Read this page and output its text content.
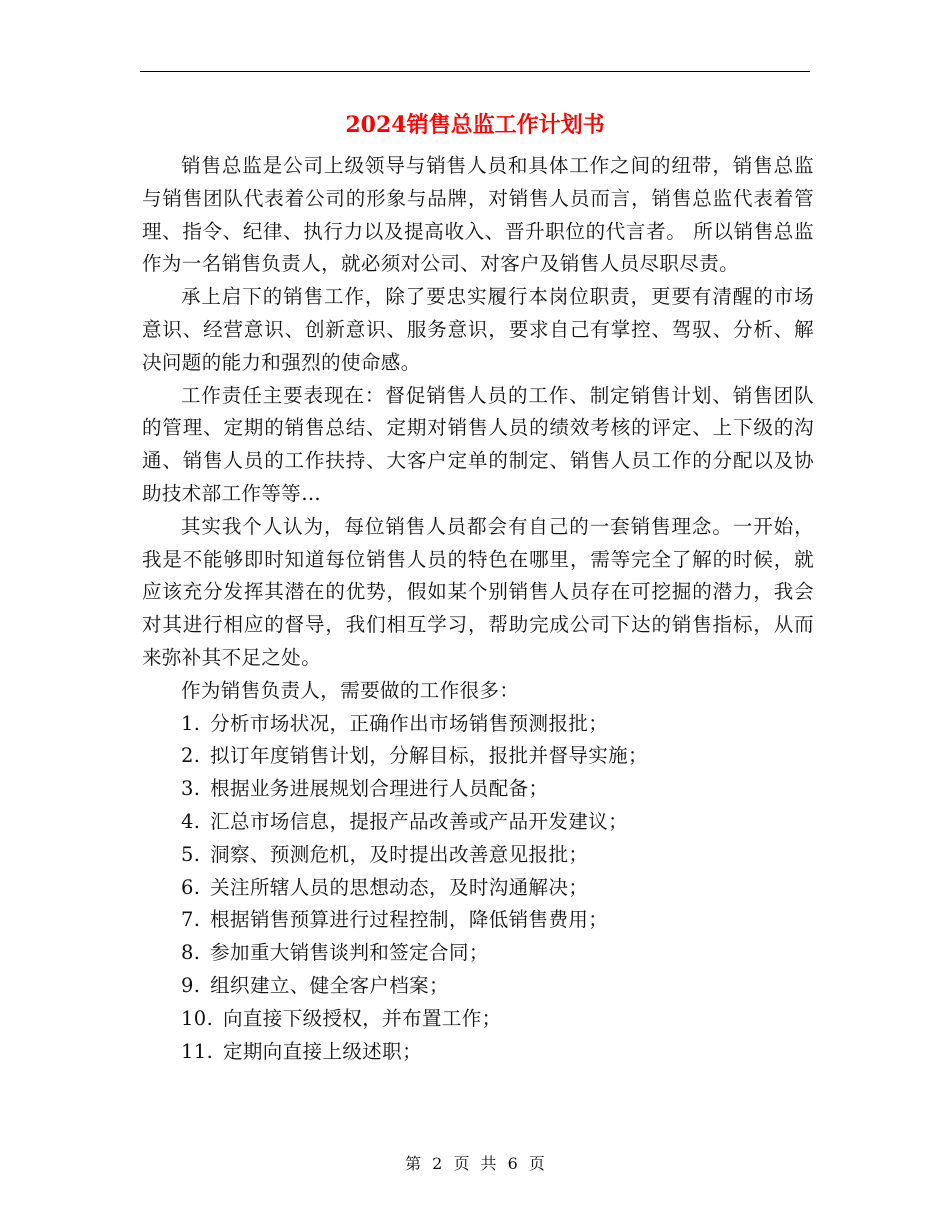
2024销售总监工作计划书

销售总监是公司上级领导与销售人员和具体工作之间的纽带，销售总监与销售团队代表着公司的形象与品牌，对销售人员而言，销售总监代表着管理、指令、纪律、执行力以及提高收入、晋升职位的代言者。 所以销售总监作为一名销售负责人，就必须对公司、对客户及销售人员尽职尽责。

承上启下的销售工作，除了要忠实履行本岗位职责，更要有清醒的市场意识、经营意识、创新意识、服务意识，要求自己有掌控、驾驭、分析、解决问题的能力和强烈的使命感。

工作责任主要表现在：督促销售人员的工作、制定销售计划、销售团队的管理、定期的销售总结、定期对销售人员的绩效考核的评定、上下级的沟通、销售人员的工作扶持、大客户定单的制定、销售人员工作的分配以及协助技术部工作等等…

其实我个人认为，每位销售人员都会有自己的一套销售理念。一开始，我是不能够即时知道每位销售人员的特色在哪里，需等完全了解的时候，就应该充分发挥其潜在的优势，假如某个别销售人员存在可挖掘的潜力，我会对其进行相应的督导，我们相互学习，帮助完成公司下达的销售指标，从而来弥补其不足之处。

作为销售负责人，需要做的工作很多：

1. 分析市场状况，正确作出市场销售预测报批；

2. 拟订年度销售计划，分解目标，报批并督导实施；

3. 根据业务进展规划合理进行人员配备；

4. 汇总市场信息，提报产品改善或产品开发建议；

5. 洞察、预测危机，及时提出改善意见报批；

6. 关注所辖人员的思想动态，及时沟通解决；

7. 根据销售预算进行过程控制，降低销售费用；

8. 参加重大销售谈判和签定合同；

9. 组织建立、健全客户档案；

10. 向直接下级授权，并布置工作；

11. 定期向直接上级述职；

第 2 页 共 6 页
